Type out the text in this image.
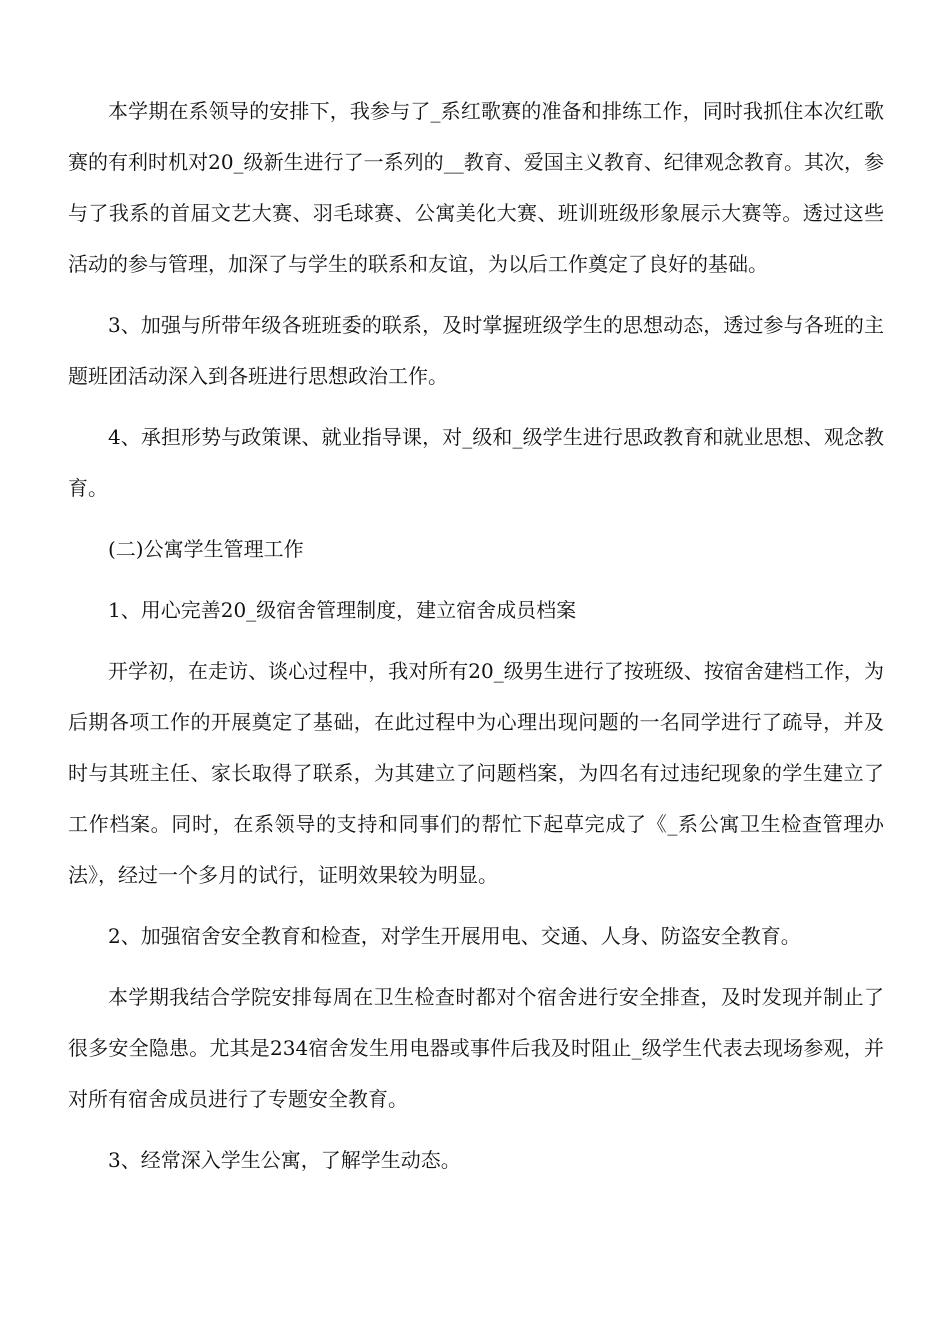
本学期在系领导的安排下，我参与了_系红歌赛的准备和排练工作，同时我抓住本次红歌赛的有利时机对20_级新生进行了一系列的__教育、爱国主义教育、纪律观念教育。其次，参与了我系的首届文艺大赛、羽毛球赛、公寓美化大赛、班训班级形象展示大赛等。透过这些活动的参与管理，加深了与学生的联系和友谊，为以后工作奠定了良好的基础。

3、加强与所带年级各班班委的联系，及时掌握班级学生的思想动态，透过参与各班的主题班团活动深入到各班进行思想政治工作。

4、承担形势与政策课、就业指导课，对_级和_级学生进行思政教育和就业思想、观念教育。

(二)公寓学生管理工作

1、用心完善20_级宿舍管理制度，建立宿舍成员档案

开学初，在走访、谈心过程中，我对所有20_级男生进行了按班级、按宿舍建档工作，为后期各项工作的开展奠定了基础，在此过程中为心理出现问题的一名同学进行了疏导，并及时与其班主任、家长取得了联系，为其建立了问题档案，为四名有过违纪现象的学生建立了工作档案。同时，在系领导的支持和同事们的帮忙下起草完成了《_系公寓卫生检查管理办法》，经过一个多月的试行，证明效果较为明显。

2、加强宿舍安全教育和检查，对学生开展用电、交通、人身、防盗安全教育。

本学期我结合学院安排每周在卫生检查时都对个宿舍进行安全排查，及时发现并制止了很多安全隐患。尤其是234宿舍发生用电器或事件后我及时阻止_级学生代表去现场参观，并对所有宿舍成员进行了专题安全教育。

3、经常深入学生公寓，了解学生动态。
